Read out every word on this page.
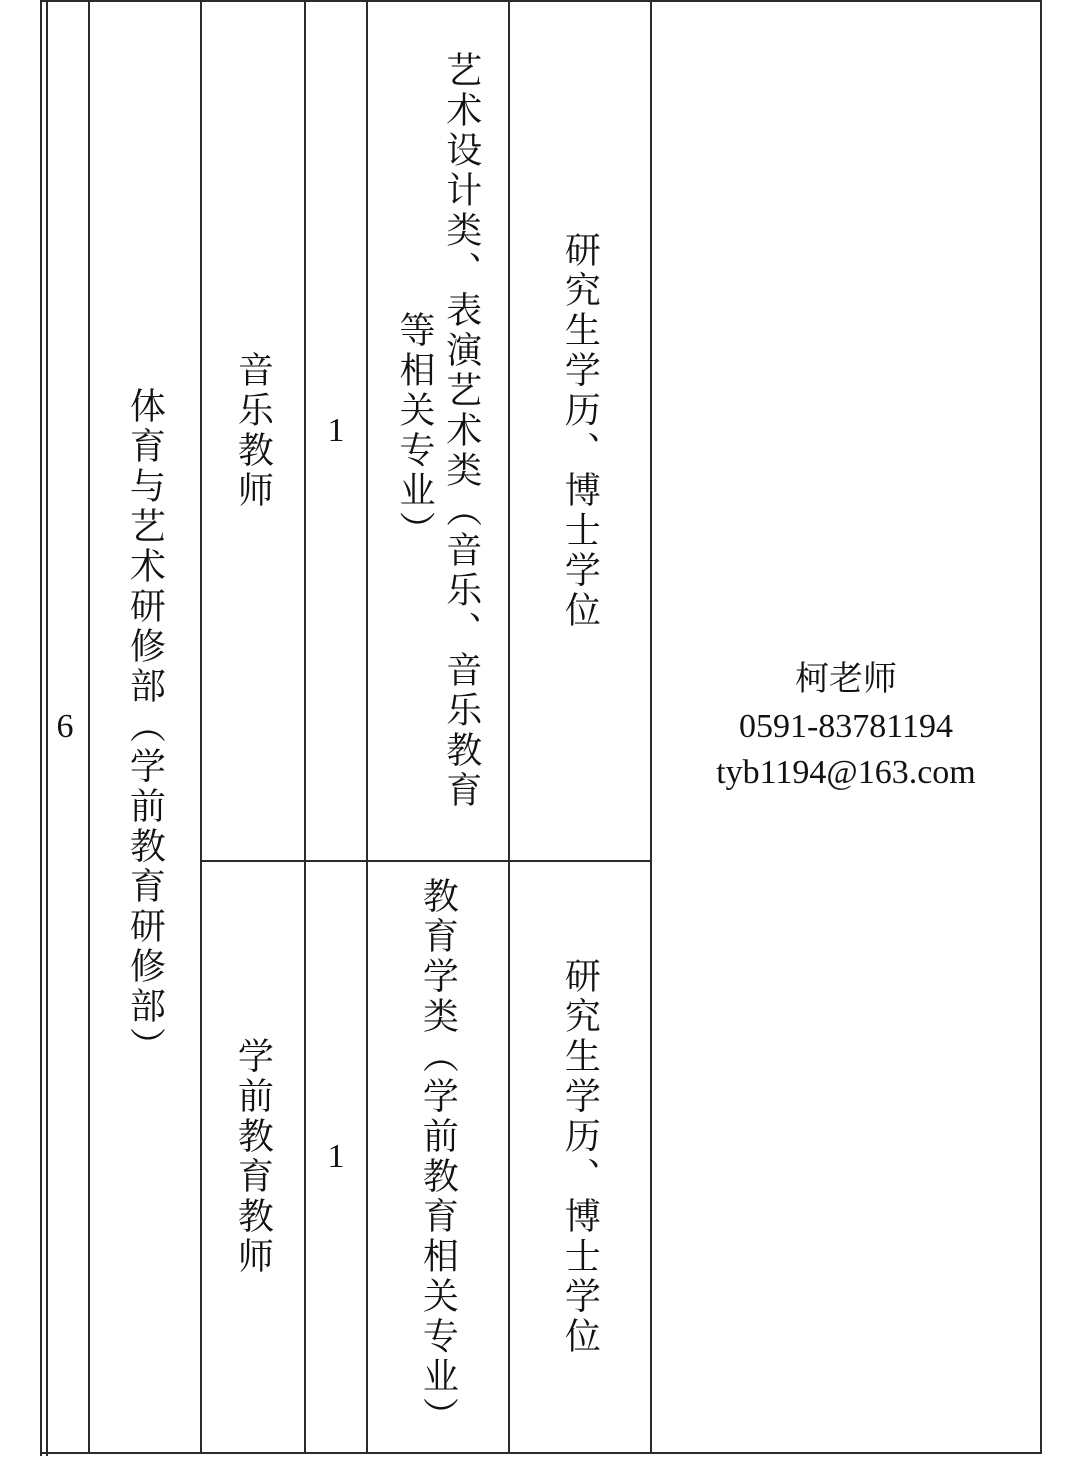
6	体育与艺术研修部（学前教育研修部）	音乐教师	1	艺术设计类、表演艺术类（音乐、音乐教育等相关专业）	研究生学历、博士学位	柯老师
0591-83781194
tyb1194@163.com

		学前教育教师	1	教育学类（学前教育相关专业）	研究生学历、博士学位	
